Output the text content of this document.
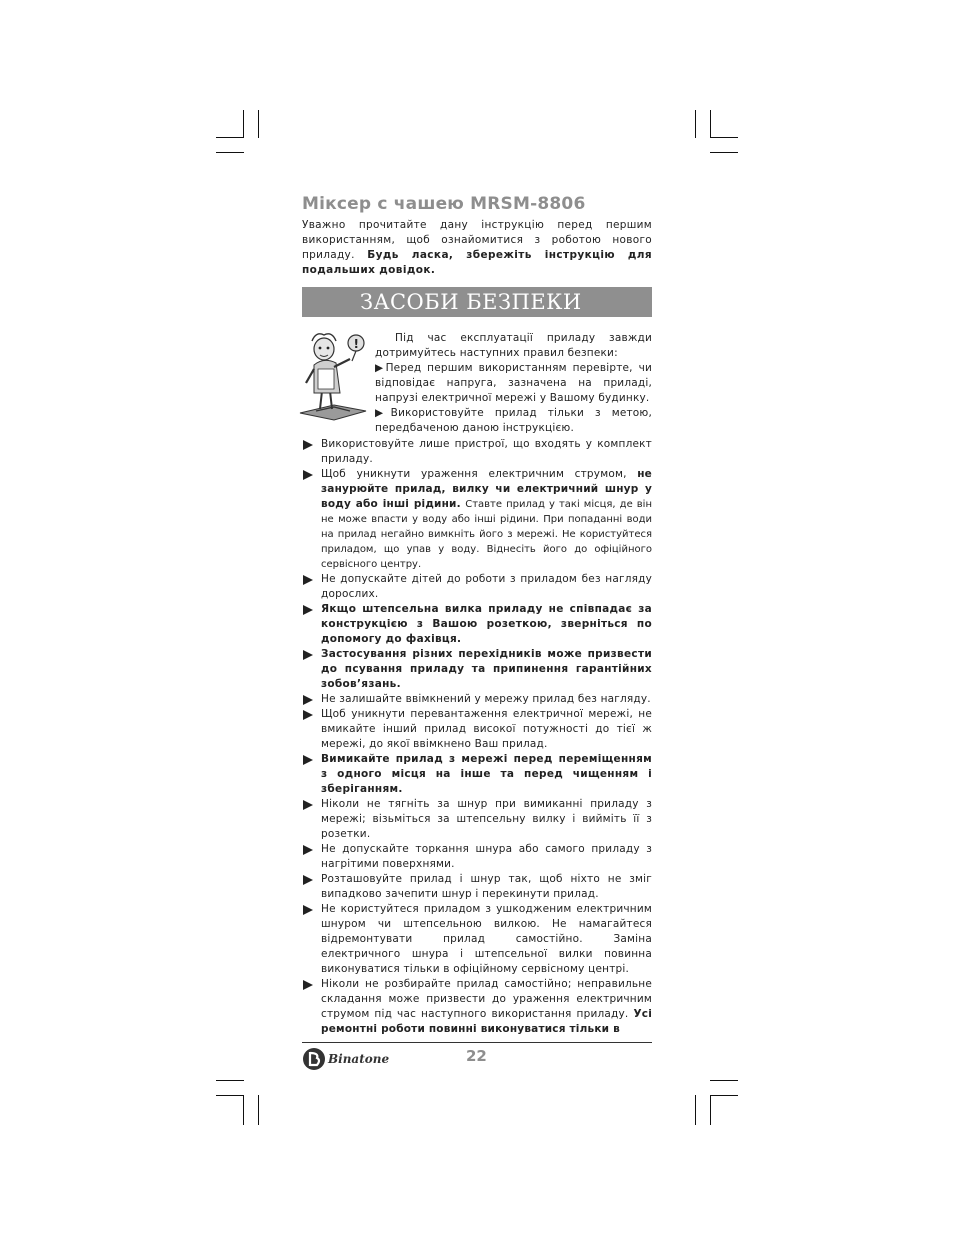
Міксер с чашею MRSM-8806
Уважно прочитайте дану інструкцію перед першим використанням, щоб ознайомитися з роботою нового приладу. Будь ласка, збережіть інструкцію для подальших довідок.
ЗАСОБИ БЕЗПЕКИ
!	Під час експлуатації приладу завжди дотримуйтесь наступних правил безпеки:
▶Перед першим використанням перевірте, чи відповідає напруга, зазначена на приладі, напрузі електричної мережі у Вашому будинку.
▶Використовуйте прилад тільки з метою, передбаченою даною інструкцією.
Використовуйте лише пристрої, що входять у комплект приладу.
Щоб уникнути ураження електричним струмом, не занурюйте прилад, вилку чи електричний шнур у воду або інші рідини. Ставте прилад у такі місця, де він не може впасти у воду або інші рідини. При попаданні води на прилад негайно вимкніть його з мережі. Не користуйтеся приладом, що упав у воду. Віднесіть його до офіційного сервісного центру.
Не допускайте дітей до роботи з приладом без нагляду дорослих.
Якщо штепсельна вилка приладу не співпадає за конструкцією з Вашою розеткою, зверніться по допомогу до фахівця.
Застосування різних перехідників може призвести до псування приладу та припинення гарантійних зобов’язань.
Не залишайте ввімкнений у мережу прилад без нагляду.
Щоб уникнути перевантаження електричної мережі, не вмикайте інший прилад високої потужності до тієї ж мережі, до якої ввімкнено Ваш прилад.
Вимикайте прилад з мережі перед переміщенням з одного місця на інше та перед чищенням і зберіганням.
Ніколи не тягніть за шнур при вимиканні приладу з мережі; візьміться за штепсельну вилку і вийміть її з розетки.
Не допускайте торкання шнура або самого приладу з нагрітими поверхнями.
Розташовуйте прилад і шнур так, щоб ніхто не зміг випадково зачепити шнур і перекинути прилад.
Не користуйтеся приладом з ушкодженим електричним шнуром чи штепсельною вилкою. Не намагайтеся відремонтувати прилад самостійно. Заміна електричного шнура і штепсельної вилки повинна виконуватися тільки в офіційному сервісному центрі.
Ніколи не розбирайте прилад самостійно; неправильне складання може призвести до ураження електричним струмом під час наступного використання приладу. Усі ремонтні роботи повинні виконуватися тільки в
Binatone	22
